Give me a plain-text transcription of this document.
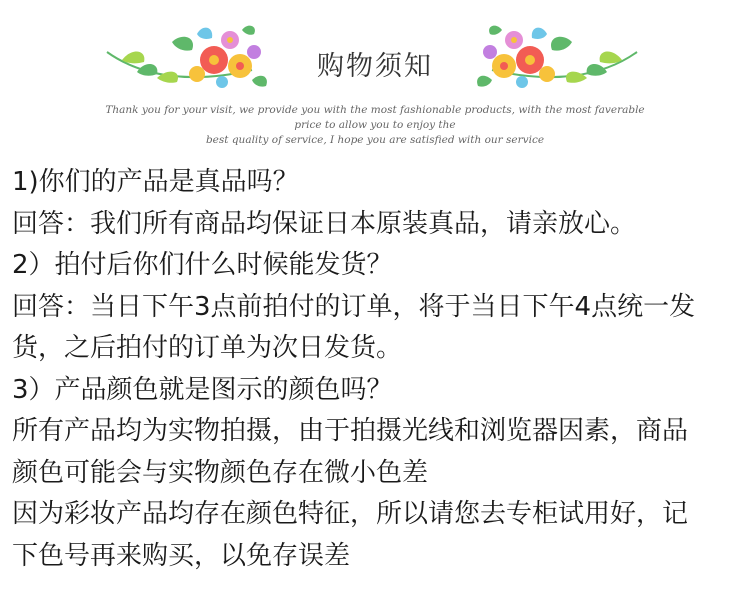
购物须知
Thank you for your visit, we provide you with the most fashionable products, with the most faverable price to allow you to enjoy the
best quality of service, I hope you are satisfied with our service
1)你们的产品是真品吗？
回答：我们所有商品均保证日本原装真品，请亲放心。
2）拍付后你们什么时候能发货？
回答：当日下午3点前拍付的订单，将于当日下午4点统一发
货，之后拍付的订单为次日发货。
3）产品颜色就是图示的颜色吗？
所有产品均为实物拍摄，由于拍摄光线和浏览器因素，商品
颜色可能会与实物颜色存在微小色差
因为彩妆产品均存在颜色特征，所以请您去专柜试用好，记
下色号再来购买，以免存误差
